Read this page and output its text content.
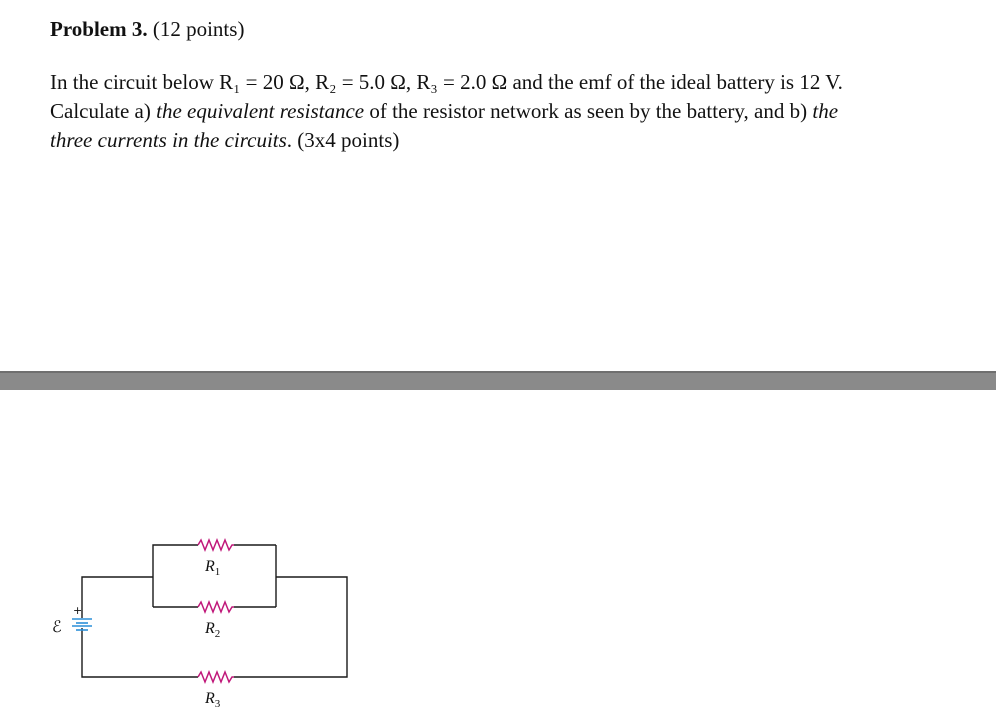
Problem 3. (12 points)
In the circuit below R₁ = 20 Ω, R₂ = 5.0 Ω, R₃ = 2.0 Ω and the emf of the ideal battery is 12 V.
Calculate a) the equivalent resistance of the resistor network as seen by the battery, and b) the
three currents in the circuits. (3x4 points)
+
ℰ
$R_1$
$R_2$
$R_3$
